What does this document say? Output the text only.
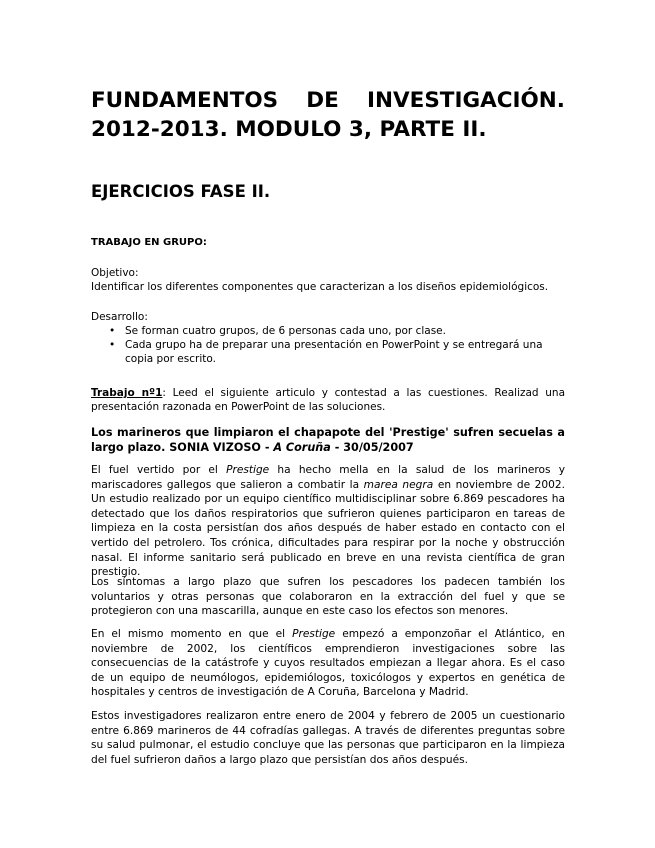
FUNDAMENTOS DE INVESTIGACIÓN.
2012-2013. MODULO 3, PARTE II.
EJERCICIOS FASE II.
TRABAJO EN GRUPO:
Objetivo:
Identificar los diferentes componentes que caracterizan a los diseños epidemiológicos.
Desarrollo:
• Se forman cuatro grupos, de 6 personas cada uno, por clase.
• Cada grupo ha de preparar una presentación en PowerPoint y se entregará una copia por escrito.
Trabajo nº1: Leed el siguiente articulo y contestad a las cuestiones. Realizad una presentación razonada en PowerPoint de las soluciones.
Los marineros que limpiaron el chapapote del 'Prestige' sufren secuelas a largo plazo. SONIA VIZOSO - A Coruña - 30/05/2007
El fuel vertido por el Prestige ha hecho mella en la salud de los marineros y mariscadores gallegos que salieron a combatir la marea negra en noviembre de 2002. Un estudio realizado por un equipo científico multidisciplinar sobre 6.869 pescadores ha detectado que los daños respiratorios que sufrieron quienes participaron en tareas de limpieza en la costa persistían dos años después de haber estado en contacto con el vertido del petrolero. Tos crónica, dificultades para respirar por la noche y obstrucción nasal. El informe sanitario será publicado en breve en una revista científica de gran prestigio.
Los síntomas a largo plazo que sufren los pescadores los padecen también los voluntarios y otras personas que colaboraron en la extracción del fuel y que se protegieron con una mascarilla, aunque en este caso los efectos son menores.
En el mismo momento en que el Prestige empezó a emponzoñar el Atlántico, en noviembre de 2002, los científicos emprendieron investigaciones sobre las consecuencias de la catástrofe y cuyos resultados empiezan a llegar ahora. Es el caso de un equipo de neumólogos, epidemiólogos, toxicólogos y expertos en genética de hospitales y centros de investigación de A Coruña, Barcelona y Madrid.
Estos investigadores realizaron entre enero de 2004 y febrero de 2005 un cuestionario entre 6.869 marineros de 44 cofradías gallegas. A través de diferentes preguntas sobre su salud pulmonar, el estudio concluye que las personas que participaron en la limpieza del fuel sufrieron daños a largo plazo que persistían dos años después.
